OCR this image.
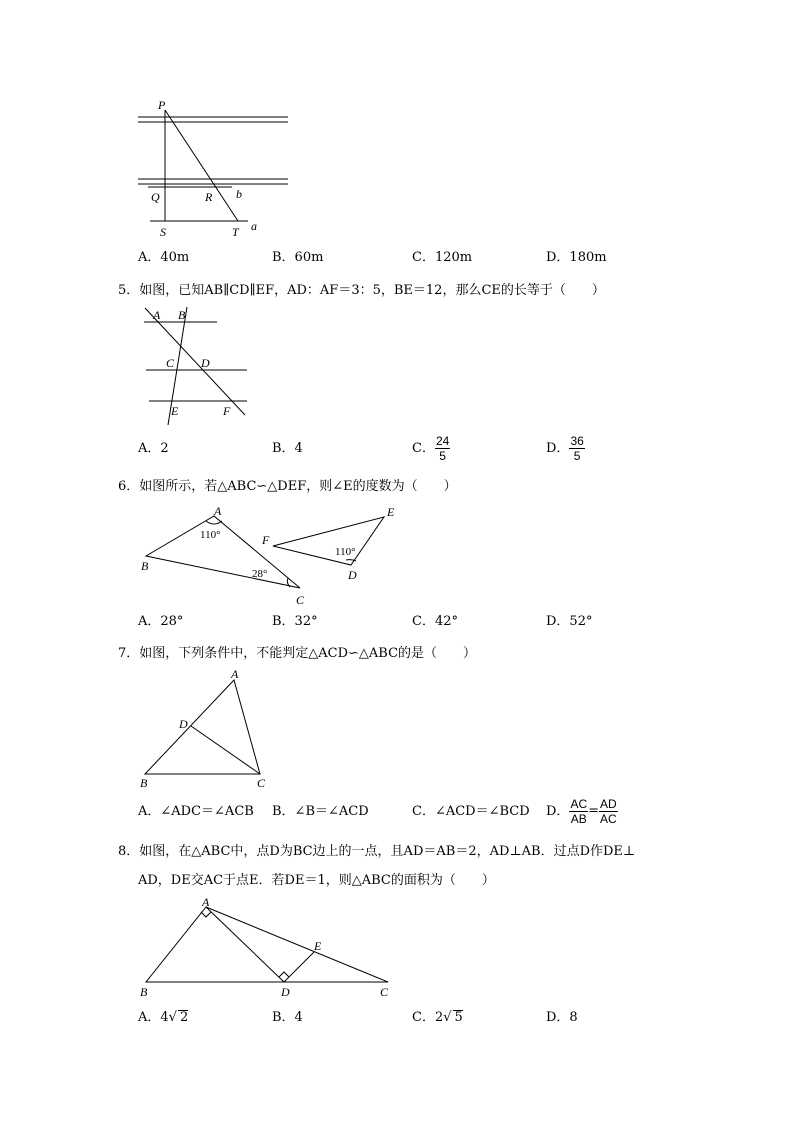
P
Q	R b
S	T a
A．40m	B．60m	C．120m	D．180m
5．如图，已知AB∥CD∥EF，AD：AF＝3：5，BE＝12，那么CE的长等于（　　）
A B
C D
E	F
A．2	B．4	C． $\frac{24}{5}$	D． $\frac{36}{5}$
6．如图所示，若△ABC∽△DEF，则∠E的度数为（　　）
A
B
C
110°
28°	D
E
F
110°
A．28°	B．32°	C．42°	D．52°
7．如图，下列条件中，不能判定△ACD∽△ABC的是（　　）
A
D
B	C
A．∠ADC＝∠ACB B．∠B＝∠ACD	C．∠ACD＝∠BCD D． $\frac{AC}{AB} = \frac{AD}{AC}$
8．如图，在△ABC中，点D为BC边上的一点，且AD＝AB＝2，AD⊥AB．过点D作DE⊥
AD，DE交AC于点E．若DE＝1，则△ABC的面积为（　　）
A
E
B	D	C
A．4√ 2	B．4	C．2√ 5	D．8
